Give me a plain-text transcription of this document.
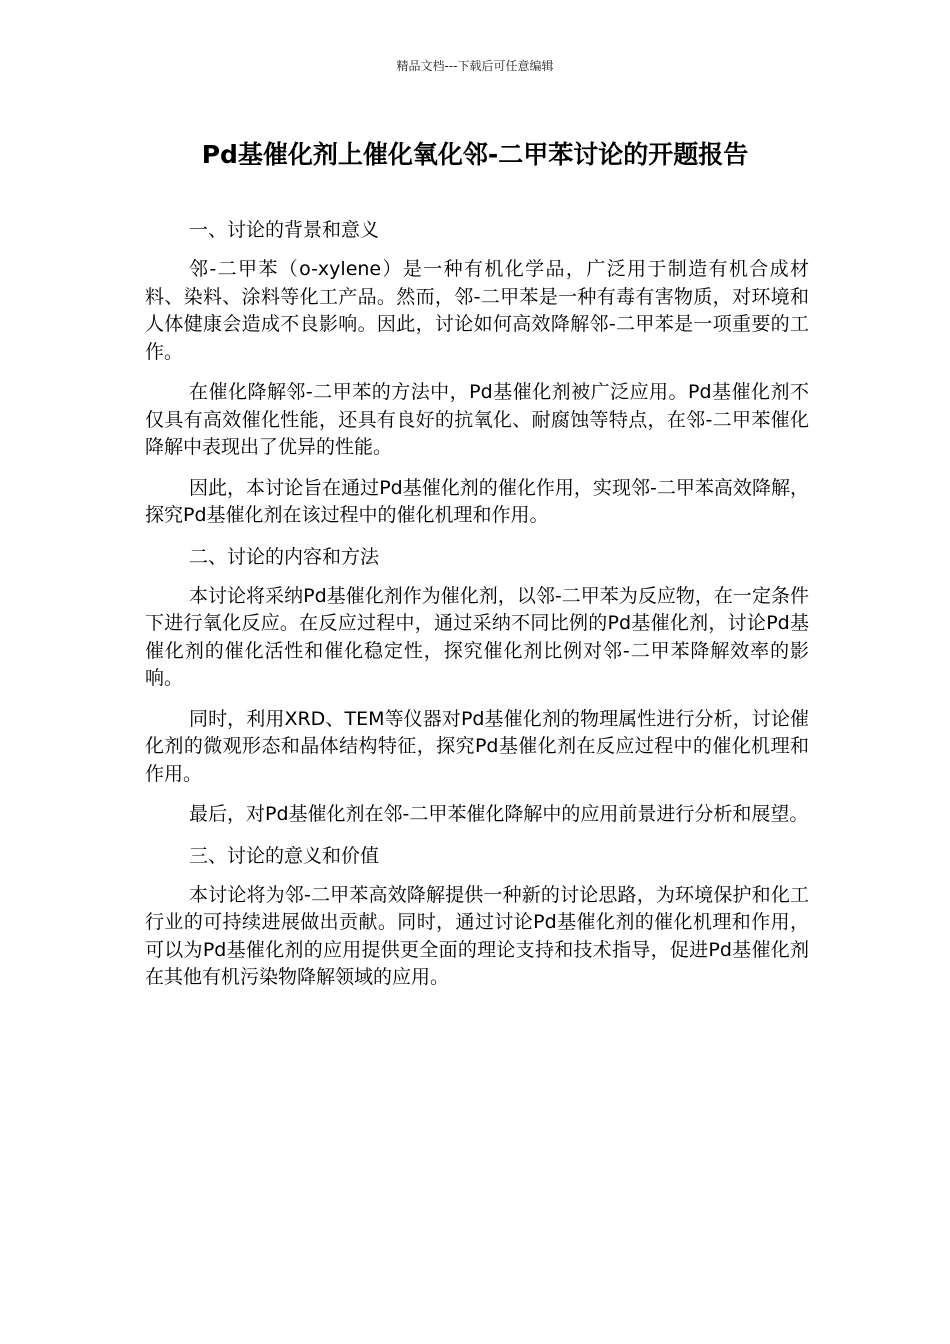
精品文档---下载后可任意编辑
Pd基催化剂上催化氧化邻-二甲苯讨论的开题报告
一、讨论的背景和意义

邻-二甲苯（o-xylene）是一种有机化学品，广泛用于制造有机合成材料、染料、涂料等化工产品。然而，邻-二甲苯是一种有毒有害物质，对环境和人体健康会造成不良影响。因此，讨论如何高效降解邻-二甲苯是一项重要的工作。

在催化降解邻-二甲苯的方法中，Pd基催化剂被广泛应用。Pd基催化剂不仅具有高效催化性能，还具有良好的抗氧化、耐腐蚀等特点，在邻-二甲苯催化降解中表现出了优异的性能。

因此，本讨论旨在通过Pd基催化剂的催化作用，实现邻-二甲苯高效降解，探究Pd基催化剂在该过程中的催化机理和作用。

二、讨论的内容和方法

本讨论将采纳Pd基催化剂作为催化剂，以邻-二甲苯为反应物，在一定条件下进行氧化反应。在反应过程中，通过采纳不同比例的Pd基催化剂，讨论Pd基催化剂的催化活性和催化稳定性，探究催化剂比例对邻-二甲苯降解效率的影响。

同时，利用XRD、TEM等仪器对Pd基催化剂的物理属性进行分析，讨论催化剂的微观形态和晶体结构特征，探究Pd基催化剂在反应过程中的催化机理和作用。

最后，对Pd基催化剂在邻-二甲苯催化降解中的应用前景进行分析和展望。

三、讨论的意义和价值

本讨论将为邻-二甲苯高效降解提供一种新的讨论思路，为环境保护和化工行业的可持续进展做出贡献。同时，通过讨论Pd基催化剂的催化机理和作用，可以为Pd基催化剂的应用提供更全面的理论支持和技术指导，促进Pd基催化剂在其他有机污染物降解领域的应用。
